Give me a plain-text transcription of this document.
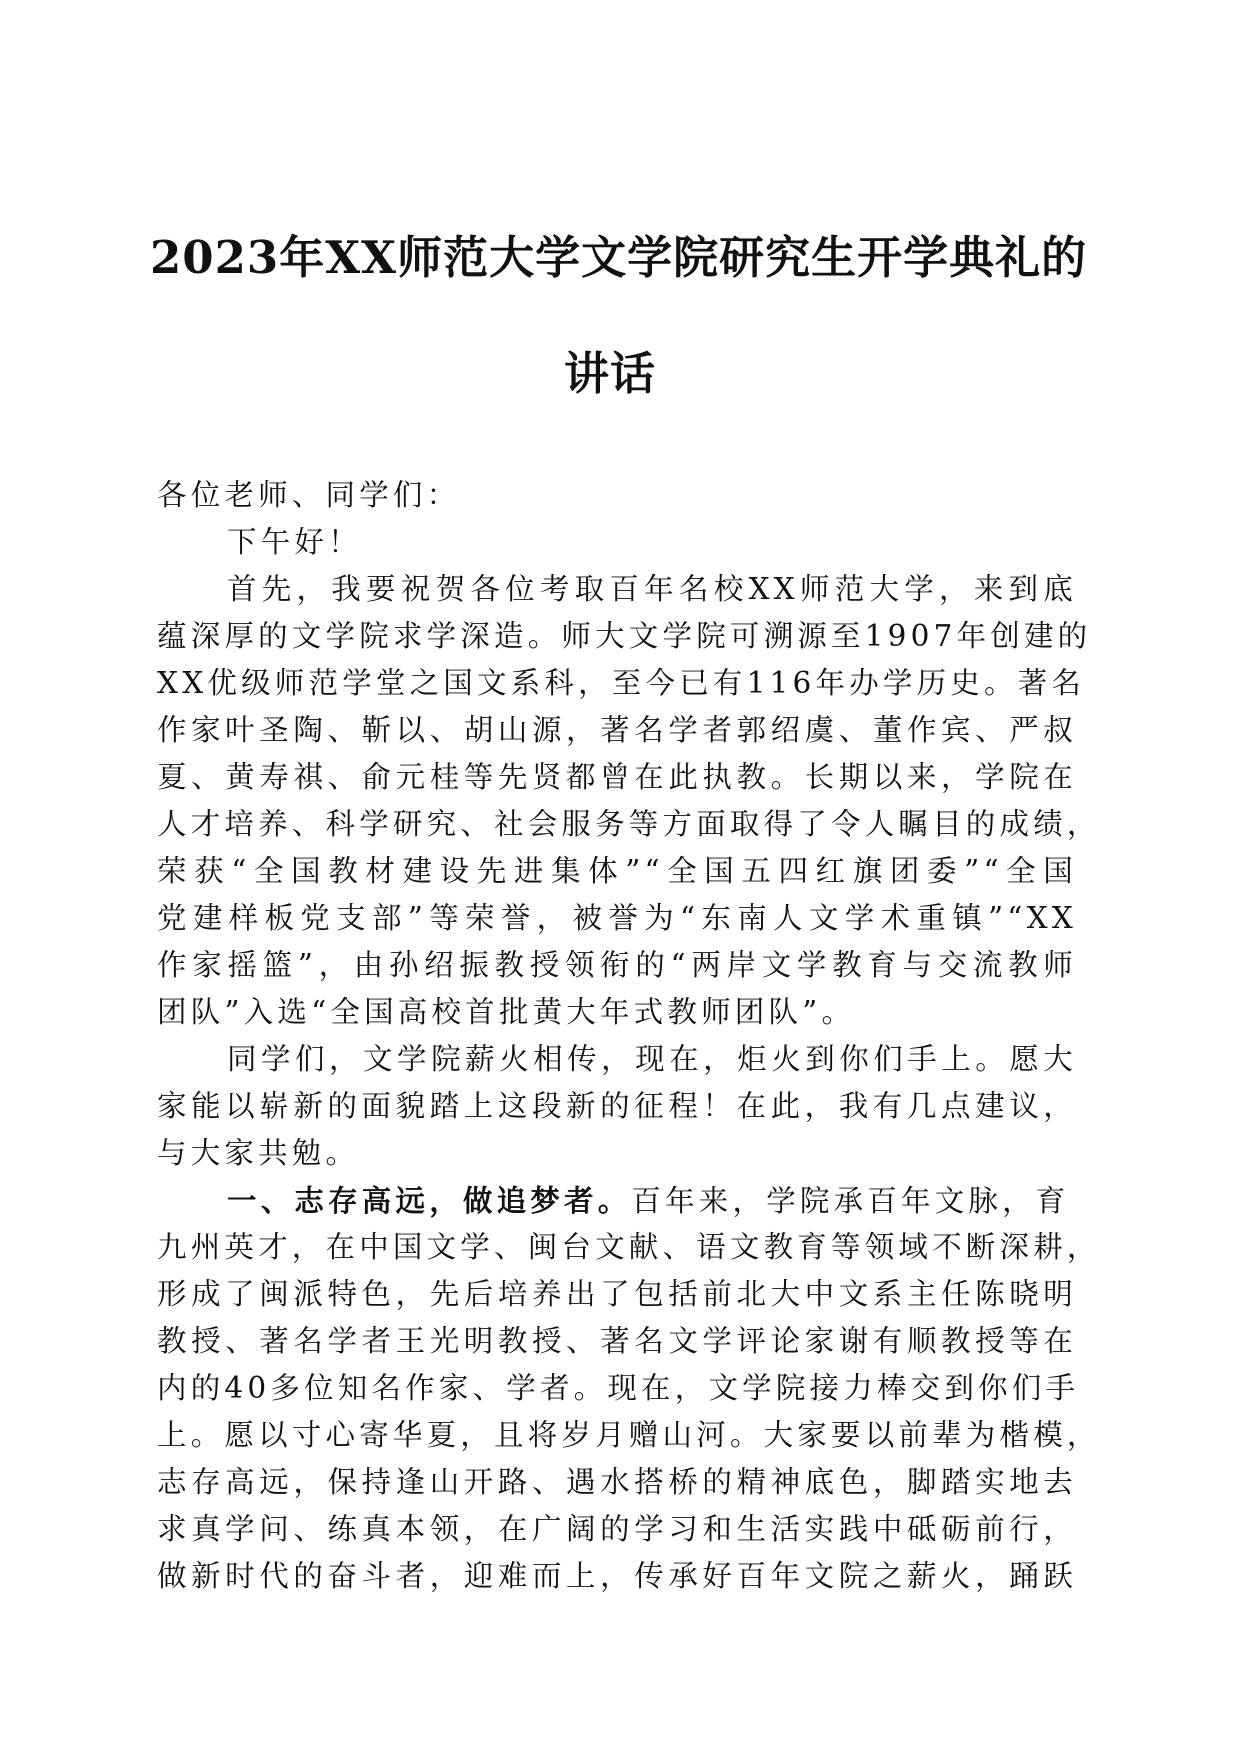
2023年XX师范大学文学院研究生开学典礼的
讲话
各位老师、同学们：
下午好！
首先，我要祝贺各位考取百年名校XX师范大学，来到底
蕴深厚的文学院求学深造。师大文学院可溯源至1907年创建的
XX优级师范学堂之国文系科，至今已有116年办学历史。著名
作家叶圣陶、靳以、胡山源，著名学者郭绍虞、董作宾、严叔
夏、黄寿祺、俞元桂等先贤都曾在此执教。长期以来，学院在
人才培养、科学研究、社会服务等方面取得了令人瞩目的成绩，
荣获“全国教材建设先进集体”“全国五四红旗团委”“全国
党建样板党支部”等荣誉，被誉为“东南人文学术重镇”“XX
作家摇篮”，由孙绍振教授领衔的“两岸文学教育与交流教师
团队”入选“全国高校首批黄大年式教师团队”。
同学们，文学院薪火相传，现在，炬火到你们手上。愿大
家能以崭新的面貌踏上这段新的征程！在此，我有几点建议，
与大家共勉。
一、志存高远，做追梦者。百年来，学院承百年文脉，育
九州英才，在中国文学、闽台文献、语文教育等领域不断深耕，
形成了闽派特色，先后培养出了包括前北大中文系主任陈晓明
教授、著名学者王光明教授、著名文学评论家谢有顺教授等在
内的40多位知名作家、学者。现在，文学院接力棒交到你们手
上。愿以寸心寄华夏，且将岁月赠山河。大家要以前辈为楷模，
志存高远，保持逢山开路、遇水搭桥的精神底色，脚踏实地去
求真学问、练真本领，在广阔的学习和生活实践中砥砺前行，
做新时代的奋斗者，迎难而上，传承好百年文院之薪火，踊跃
